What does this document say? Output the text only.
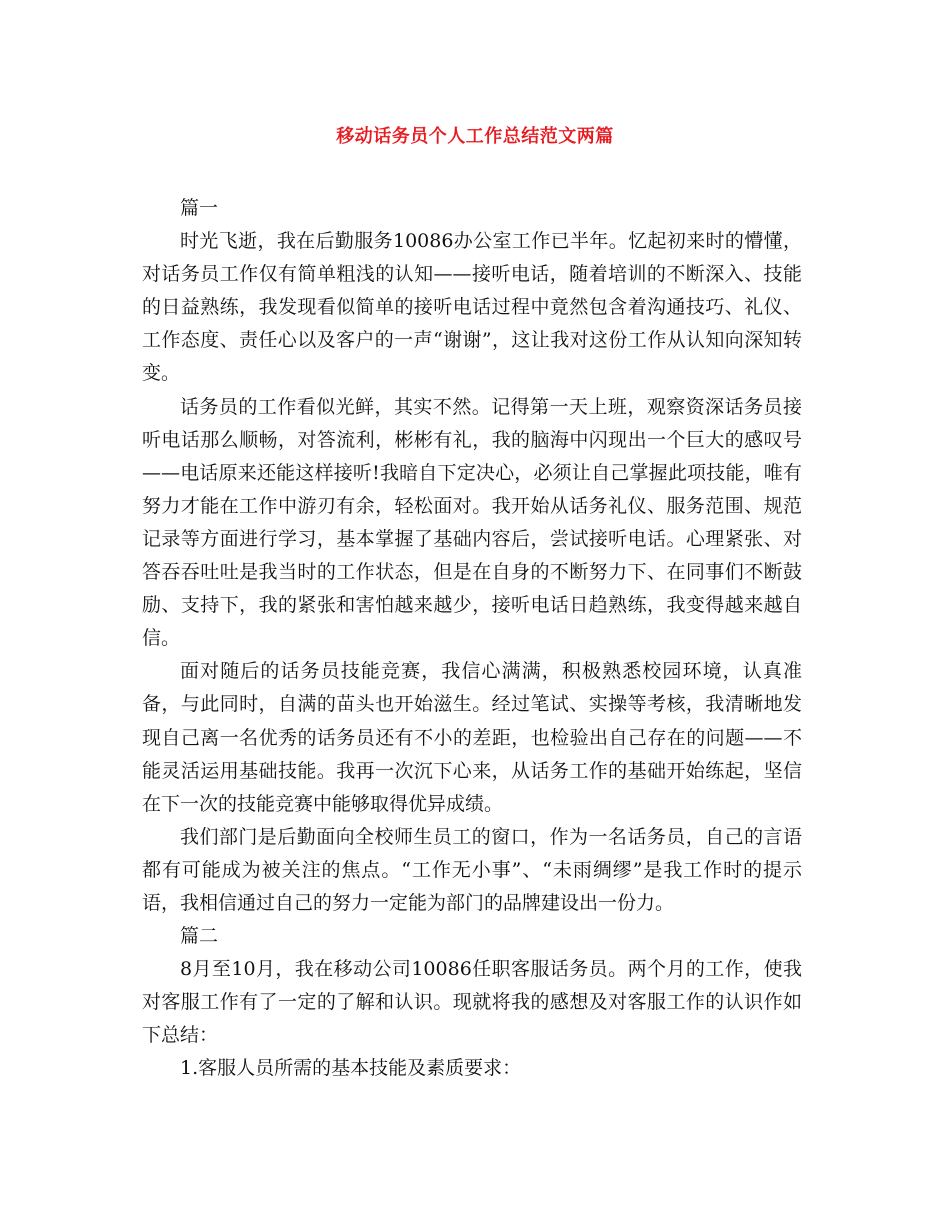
移动话务员个人工作总结范文两篇

篇一

时光飞逝，我在后勤服务10086办公室工作已半年。忆起初来时的懵懂，对话务员工作仅有简单粗浅的认知——接听电话，随着培训的不断深入、技能的日益熟练，我发现看似简单的接听电话过程中竟然包含着沟通技巧、礼仪、工作态度、责任心以及客户的一声“谢谢”，这让我对这份工作从认知向深知转变。

话务员的工作看似光鲜，其实不然。记得第一天上班，观察资深话务员接听电话那么顺畅，对答流利，彬彬有礼，我的脑海中闪现出一个巨大的感叹号——电话原来还能这样接听!我暗自下定决心，必须让自己掌握此项技能，唯有努力才能在工作中游刃有余，轻松面对。我开始从话务礼仪、服务范围、规范记录等方面进行学习，基本掌握了基础内容后，尝试接听电话。心理紧张、对答吞吞吐吐是我当时的工作状态，但是在自身的不断努力下、在同事们不断鼓励、支持下，我的紧张和害怕越来越少，接听电话日趋熟练，我变得越来越自信。

面对随后的话务员技能竞赛，我信心满满，积极熟悉校园环境，认真准备，与此同时，自满的苗头也开始滋生。经过笔试、实操等考核，我清晰地发现自己离一名优秀的话务员还有不小的差距，也检验出自己存在的问题——不能灵活运用基础技能。我再一次沉下心来，从话务工作的基础开始练起，坚信在下一次的技能竞赛中能够取得优异成绩。

我们部门是后勤面向全校师生员工的窗口，作为一名话务员，自己的言语都有可能成为被关注的焦点。“工作无小事”、“未雨绸缪”是我工作时的提示语，我相信通过自己的努力一定能为部门的品牌建设出一份力。

篇二

8月至10月，我在移动公司10086任职客服话务员。两个月的工作，使我对客服工作有了一定的了解和认识。现就将我的感想及对客服工作的认识作如下总结：

1.客服人员所需的基本技能及素质要求：
